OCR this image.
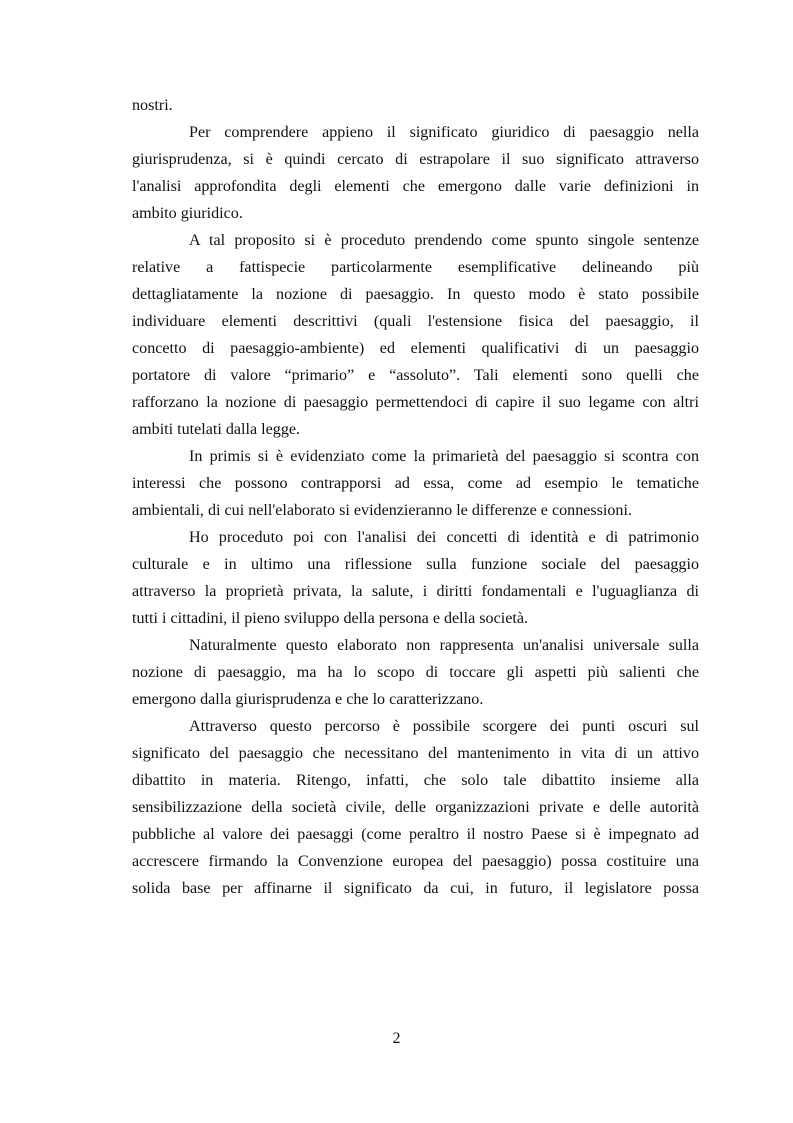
nostri.
Per comprendere appieno il significato giuridico di paesaggio nella
giurisprudenza, si è quindi cercato di estrapolare il suo significato attraverso
l'analisi approfondita degli elementi che emergono dalle varie definizioni in
ambito giuridico.
A tal proposito si è proceduto prendendo come spunto singole sentenze
relative a fattispecie particolarmente esemplificative delineando più
dettagliatamente la nozione di paesaggio. In questo modo è stato possibile
individuare elementi descrittivi (quali l'estensione fisica del paesaggio, il
concetto di paesaggio-ambiente) ed elementi qualificativi di un paesaggio
portatore di valore “primario” e “assoluto”. Tali elementi sono quelli che
rafforzano la nozione di paesaggio permettendoci di capire il suo legame con altri
ambiti tutelati dalla legge.
In primis si è evidenziato come la primarietà del paesaggio si scontra con
interessi che possono contrapporsi ad essa, come ad esempio le tematiche
ambientali, di cui nell'elaborato si evidenzieranno le differenze e connessioni.
Ho proceduto poi con l'analisi dei concetti di identità e di patrimonio
culturale e in ultimo una riflessione sulla funzione sociale del paesaggio
attraverso la proprietà privata, la salute, i diritti fondamentali e l'uguaglianza di
tutti i cittadini, il pieno sviluppo della persona e della società.
Naturalmente questo elaborato non rappresenta un'analisi universale sulla
nozione di paesaggio, ma ha lo scopo di toccare gli aspetti più salienti che
emergono dalla giurisprudenza e che lo caratterizzano.
Attraverso questo percorso è possibile scorgere dei punti oscuri sul
significato del paesaggio che necessitano del mantenimento in vita di un attivo
dibattito in materia. Ritengo, infatti, che solo tale dibattito insieme alla
sensibilizzazione della società civile, delle organizzazioni private e delle autorità
pubbliche al valore dei paesaggi (come peraltro il nostro Paese si è impegnato ad
accrescere firmando la Convenzione europea del paesaggio) possa costituire una
solida base per affinarne il significato da cui, in futuro, il legislatore possa
2
